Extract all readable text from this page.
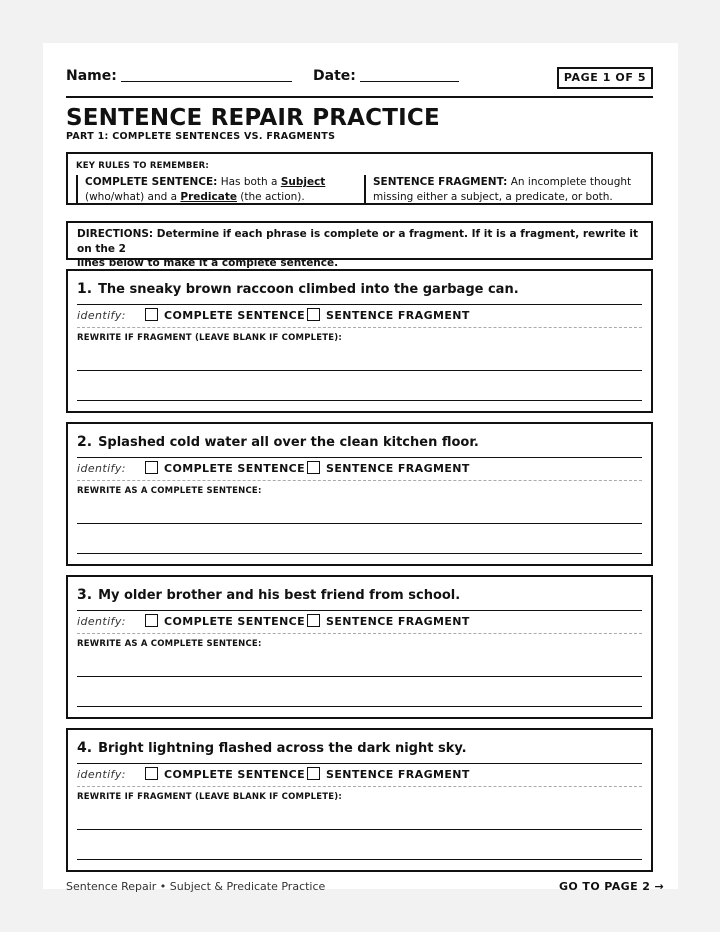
Name:	Date:	PAGE 1 OF 5
SENTENCE REPAIR PRACTICE
PART 1: COMPLETE SENTENCES VS. FRAGMENTS
KEY RULES TO REMEMBER:
COMPLETE SENTENCE: Has both a Subject
(who/what) and a Predicate (the action).
SENTENCE FRAGMENT: An incomplete thought
missing either a subject, a predicate, or both.
DIRECTIONS: Determine if each phrase is complete or a fragment. If it is a fragment, rewrite it on the 2
lines below to make it a complete sentence.
1. The sneaky brown raccoon climbed into the garbage can.
identify:	COMPLETE SENTENCE	SENTENCE FRAGMENT
REWRITE IF FRAGMENT (LEAVE BLANK IF COMPLETE):
2. Splashed cold water all over the clean kitchen floor.
identify:	COMPLETE SENTENCE	SENTENCE FRAGMENT
REWRITE AS A COMPLETE SENTENCE:
3. My older brother and his best friend from school.
identify:	COMPLETE SENTENCE	SENTENCE FRAGMENT
REWRITE AS A COMPLETE SENTENCE:
4. Bright lightning flashed across the dark night sky.
identify:	COMPLETE SENTENCE	SENTENCE FRAGMENT
REWRITE IF FRAGMENT (LEAVE BLANK IF COMPLETE):
Sentence Repair • Subject & Predicate Practice	GO TO PAGE 2 →
